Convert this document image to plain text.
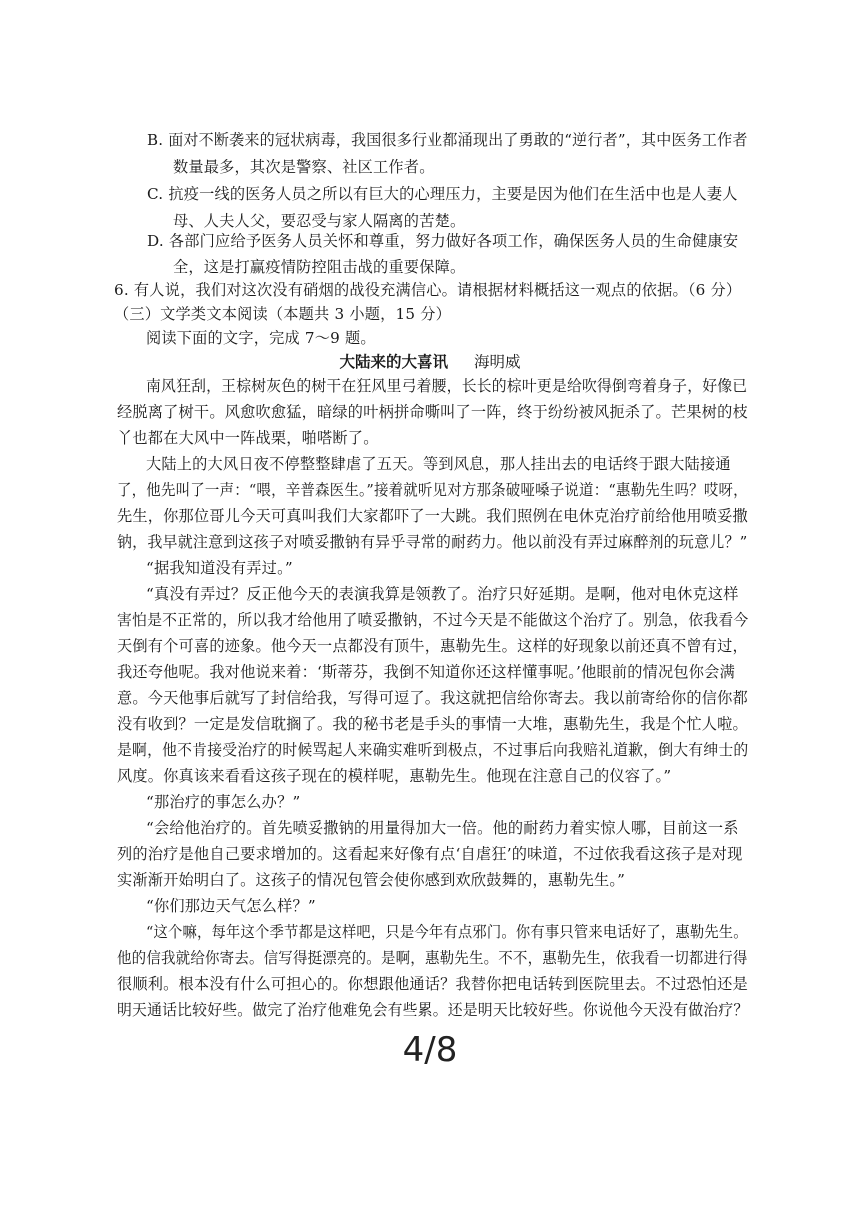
B. 面对不断袭来的冠状病毒，我国很多行业都涌现出了勇敢的“逆行者”，其中医务工作者
数量最多，其次是警察、社区工作者。
C. 抗疫一线的医务人员之所以有巨大的心理压力，主要是因为他们在生活中也是人妻人
母、人夫人父，要忍受与家人隔离的苦楚。
D. 各部门应给予医务人员关怀和尊重，努力做好各项工作，确保医务人员的生命健康安
全，这是打赢疫情防控阻击战的重要保障。
6. 有人说，我们对这次没有硝烟的战役充满信心。请根据材料概括这一观点的依据。（6 分）
（三）文学类文本阅读（本题共 3 小题，15 分）
阅读下面的文字，完成 7～9 题。
大陆来的大喜讯 海明威
南风狂刮，王棕树灰色的树干在狂风里弓着腰，长长的棕叶更是给吹得倒弯着身子，好像已
经脱离了树干。风愈吹愈猛，暗绿的叶柄拼命嘶叫了一阵，终于纷纷被风扼杀了。芒果树的枝
丫也都在大风中一阵战栗，啪嗒断了。
大陆上的大风日夜不停整整肆虐了五天。等到风息，那人挂出去的电话终于跟大陆接通
了，他先叫了一声：“喂，辛普森医生。”接着就听见对方那条破哑嗓子说道：“惠勒先生吗？哎呀，
先生，你那位哥儿今天可真叫我们大家都吓了一大跳。我们照例在电休克治疗前给他用喷妥撒
钠，我早就注意到这孩子对喷妥撒钠有异乎寻常的耐药力。他以前没有弄过麻醉剂的玩意儿？”
“据我知道没有弄过。”
“真没有弄过？反正他今天的表演我算是领教了。治疗只好延期。是啊，他对电休克这样
害怕是不正常的，所以我才给他用了喷妥撒钠，不过今天是不能做这个治疗了。别急，依我看今
天倒有个可喜的迹象。他今天一点都没有顶牛，惠勒先生。这样的好现象以前还真不曾有过，
我还夸他呢。我对他说来着：‘斯蒂芬，我倒不知道你还这样懂事呢。’他眼前的情况包你会满
意。今天他事后就写了封信给我，写得可逗了。我这就把信给你寄去。我以前寄给你的信你都
没有收到？一定是发信耽搁了。我的秘书老是手头的事情一大堆，惠勒先生，我是个忙人啦。
是啊，他不肯接受治疗的时候骂起人来确实难听到极点，不过事后向我赔礼道歉，倒大有绅士的
风度。你真该来看看这孩子现在的模样呢，惠勒先生。他现在注意自己的仪容了。”
“那治疗的事怎么办？”
“会给他治疗的。首先喷妥撒钠的用量得加大一倍。他的耐药力着实惊人哪，目前这一系
列的治疗是他自己要求增加的。这看起来好像有点‘自虐狂’的味道，不过依我看这孩子是对现
实渐渐开始明白了。这孩子的情况包管会使你感到欢欣鼓舞的，惠勒先生。”
“你们那边天气怎么样？”
“这个嘛，每年这个季节都是这样吧，只是今年有点邪门。你有事只管来电话好了，惠勒先生。
他的信我就给你寄去。信写得挺漂亮的。是啊，惠勒先生。不不，惠勒先生，依我看一切都进行得
很顺利。根本没有什么可担心的。你想跟他通话？我替你把电话转到医院里去。不过恐怕还是
明天通话比较好些。做完了治疗他难免会有些累。还是明天比较好些。你说他今天没有做治疗？
4/8
